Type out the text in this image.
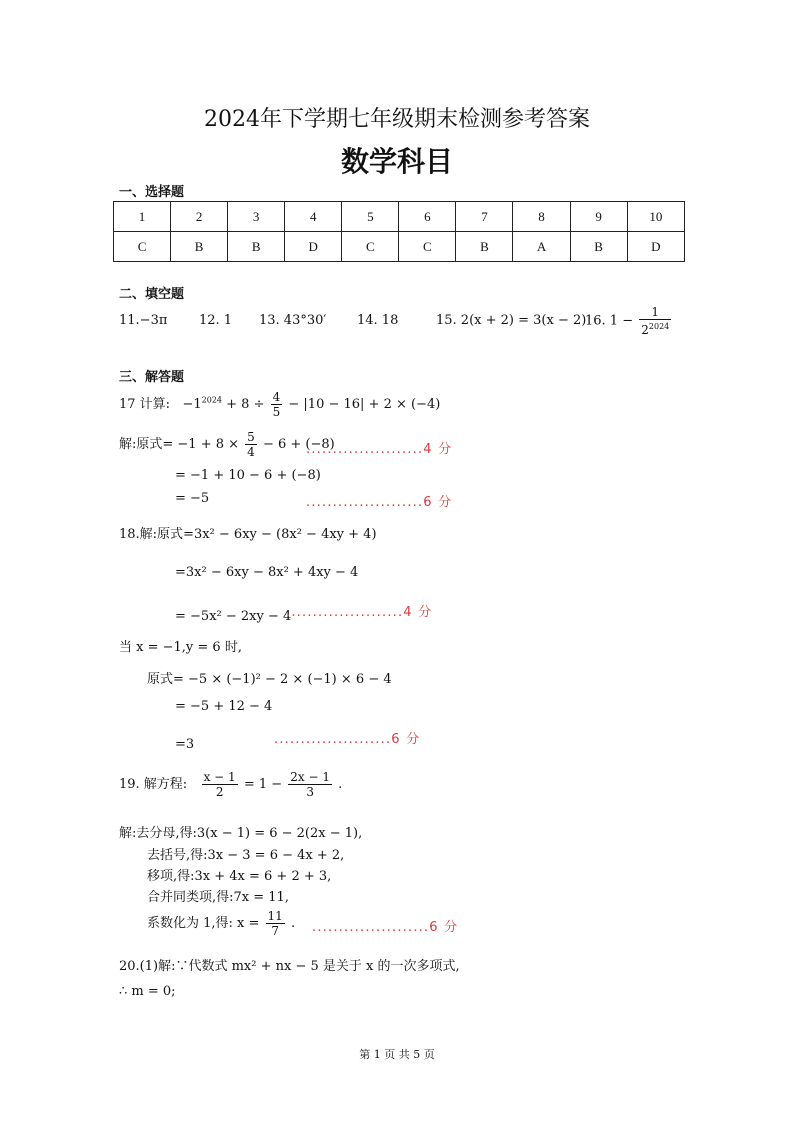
2024年下学期七年级期末检测参考答案
数学科目
一、选择题
1	2	3	4	5	6	7	8	9	10
C	B	B	D	C	C	B	A	B	D
二、填空题
11.−3π 12. 1 13. 43°30′ 14. 18	15. 2(x + 2) = 3(x − 2)
16. $1 - \frac{1}{2^{2024}}$
三、解答题
17 计算: $-1^{2024} + 8 \div \frac{4}{5} - |10 - 16| + 2 \times (-4)$
解:原式= $-1 + 8 \times \frac{5}{4} - 6 + (-8)$
......................4 分
= −1 + 10 − 6 + (−8)
= −5	......................6 分
18.解:原式=3x² − 6xy − (8x² − 4xy + 4)
=3x² − 6xy − 8x² + 4xy − 4
= −5x² − 2xy − 4
......................4 分
当 x = −1,y = 6 时,
原式= −5 × (−1)² − 2 × (−1) × 6 − 4
= −5 + 12 − 4
=3	......................6 分
19. 解方程: $\frac{x - 1}{2} = 1 - \frac{2x - 1}{3}$ .
解:去分母,得:3(x − 1) = 6 − 2(2x − 1),
去括号,得:3x − 3 = 6 − 4x + 2,
移项,得:3x + 4x = 6 + 2 + 3,
合并同类项,得:7x = 11,
系数化为 1,得: $x = \frac{11}{7}$ . ......................6 分
20.(1)解:∵代数式 mx² + nx − 5 是关于 x 的一次多项式,
∴ m = 0;
第 1 页 共 5 页
